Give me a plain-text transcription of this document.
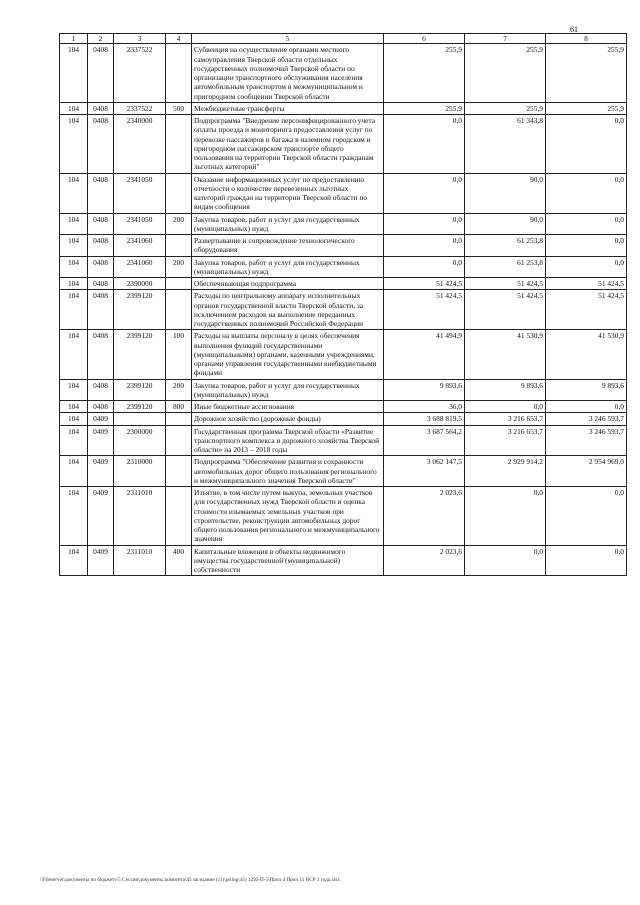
61
1	2	3	4	5	6	7	8
104	0408	2337522		Субвенция на осуществление органами местного самоуправления Тверской области отдельных государственных полномочий Тверской области по организации транспортного обслуживания населения автомобильным транспортом в межмуниципальном и пригородном сообщении Тверской области	255,9	255,9	255,9
104	0408	2337522	500	Межбюджетные трансферты	255,9	255,9	255,9
104	0408	2340000		Подпрограмма "Внедрение персонифицированного учета оплаты проезда и мониторинга предоставления услуг по перевозке пассажиров и багажа в наземном городском и пригородном пассажирском транспорте общего пользования на территории Тверской области гражданам льготных категорий"	0,0	61 343,8	0,0
104	0408	2341050		Оказание информационных услуг по предоставлению отчетности о количестве перевезенных льготных категорий граждан на территории Тверской области по видам сообщения	0,0	90,0	0,0
104	0408	2341050	200	Закупка товаров, работ и услуг для государственных (муниципальных) нужд	0,0	90,0	0,0
104	0408	2341060		Развертывание и сопровождение технологического оборудования	0,0	61 253,8	0,0
104	0408	2341060	200	Закупка товаров, работ и услуг для государственных (муниципальных) нужд	0,0	61 253,8	0,0
104	0408	2390000		Обеспечивающая подпрограмма	51 424,5	51 424,5	51 424,5
104	0408	2399120		Расходы по центральному аппарату исполнительных органов государственной власти Тверской области, за исключением расходов на выполнение переданных государственных полномочий Российской Федерации	51 424,5	51 424,5	51 424,5
104	0408	2399120	100	Расходы на выплаты персоналу в целях обеспечения выполнения функций государственными (муниципальными) органами, казенными учреждениями, органами управления государственными внебюджетными фондами	41 494,9	41 530,9	41 530,9
104	0408	2399120	200	Закупка товаров, работ и услуг для государственных (муниципальных) нужд	9 893,6	9 893,6	9 893,6
104	0408	2399120	800	Иные бюджетные ассигнования	36,0	0,0	0,0
104	0409			Дорожное хозяйство (дорожные фонды)	3 688 819,5	3 216 653,7	3 246 593,7
104	0409	2300000		Государственная программа Тверской области «Развитие транспортного комплекса и дорожного хозяйства Тверской области» на 2013 – 2018 годы	3 687 564,2	3 216 653,7	3 246 593,7
104	0409	2310000		Подпрограмма "Обеспечение развития и сохранности автомобильных дорог общего пользования регионального и межмуниципального значения Тверской области"	3 062 147,5	2 929 914,2	2 954 969,0
104	0409	2311010		Изъятие, в том числе путем выкупа, земельных участков для государственных нужд Тверской области и оценка стоимости изымаемых земельных участков при строительстве, реконструкции автомобильных дорог общего пользования регионального и межмуниципального значения	2 023,6	0,0	0,0
104	0409	2311010	400	Капитальные вложения в объекты недвижимого имущества государственной (муниципальной) собственности	2 023,6	0,0	0,0
\\Fileserver\документы по бюджету\5 Сессия\документы комитета\45 заседание (11)\prilog\45) 1292-П-5\Прил 4 Прил 11 ВСР 3 года.xlsx
